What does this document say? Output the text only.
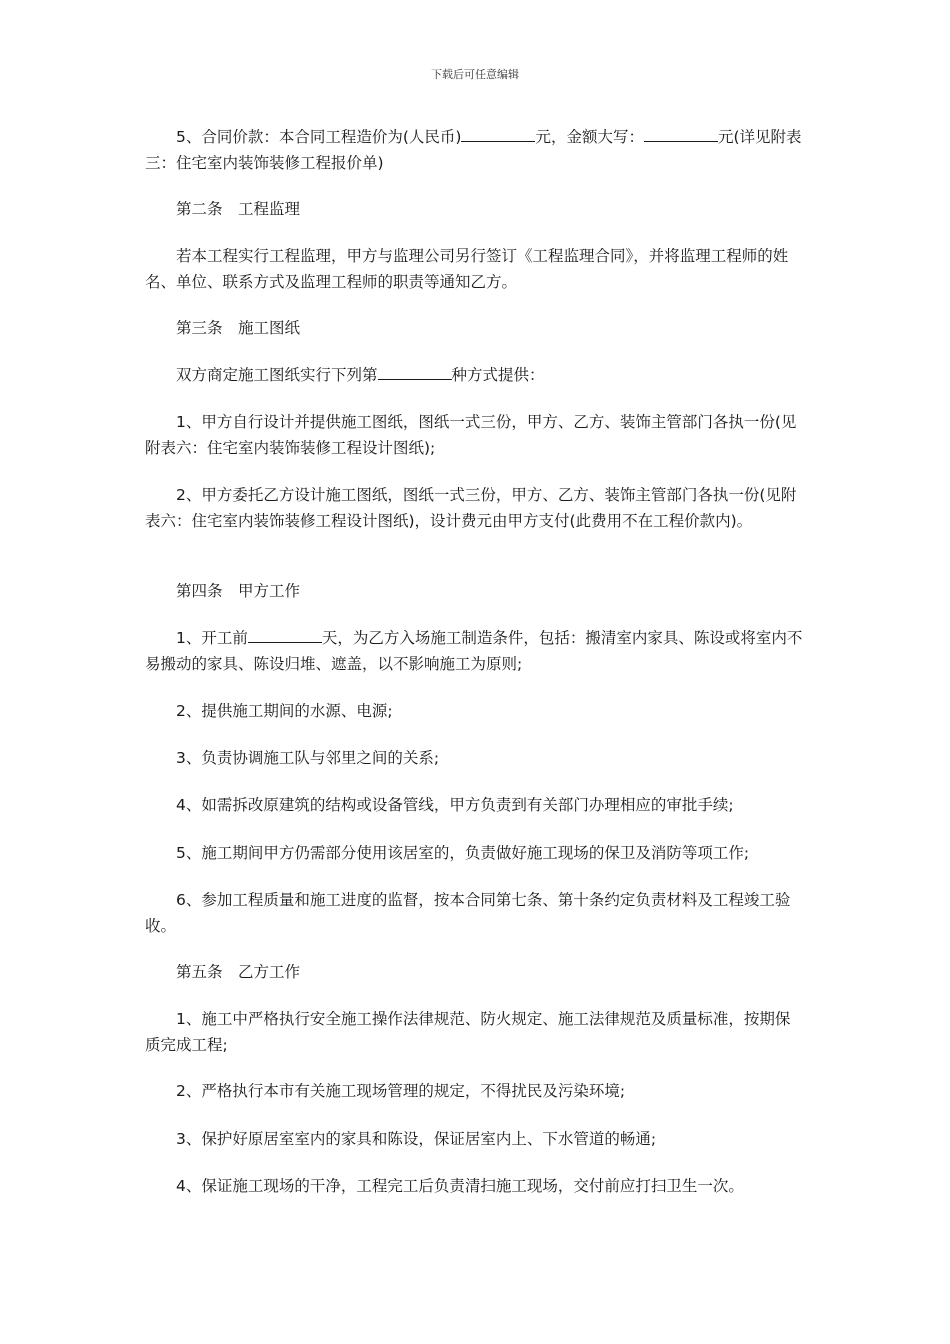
下载后可任意编辑

　　5、合同价款：本合同工程造价为(人民币)	元，金额大写：	元(详见附表三：住宅室内装饰装修工程报价单)

　　第二条　工程监理

　　若本工程实行工程监理，甲方与监理公司另行签订《工程监理合同》，并将监理工程师的姓名、单位、联系方式及监理工程师的职责等通知乙方。

　　第三条　施工图纸

　　双方商定施工图纸实行下列第	种方式提供：

　　1、甲方自行设计并提供施工图纸，图纸一式三份，甲方、乙方、装饰主管部门各执一份(见附表六：住宅室内装饰装修工程设计图纸);

　　2、甲方委托乙方设计施工图纸，图纸一式三份，甲方、乙方、装饰主管部门各执一份(见附表六：住宅室内装饰装修工程设计图纸)，设计费元由甲方支付(此费用不在工程价款内)。

　　第四条　甲方工作

　　1、开工前	天，为乙方入场施工制造条件，包括：搬清室内家具、陈设或将室内不易搬动的家具、陈设归堆、遮盖，以不影响施工为原则;

　　2、提供施工期间的水源、电源;

　　3、负责协调施工队与邻里之间的关系;

　　4、如需拆改原建筑的结构或设备管线，甲方负责到有关部门办理相应的审批手续;

　　5、施工期间甲方仍需部分使用该居室的，负责做好施工现场的保卫及消防等项工作;

　　6、参加工程质量和施工进度的监督，按本合同第七条、第十条约定负责材料及工程竣工验收。

　　第五条　乙方工作

　　1、施工中严格执行安全施工操作法律规范、防火规定、施工法律规范及质量标准，按期保质完成工程;

　　2、严格执行本市有关施工现场管理的规定，不得扰民及污染环境;

　　3、保护好原居室室内的家具和陈设，保证居室内上、下水管道的畅通;

　　4、保证施工现场的干净，工程完工后负责清扫施工现场，交付前应打扫卫生一次。
